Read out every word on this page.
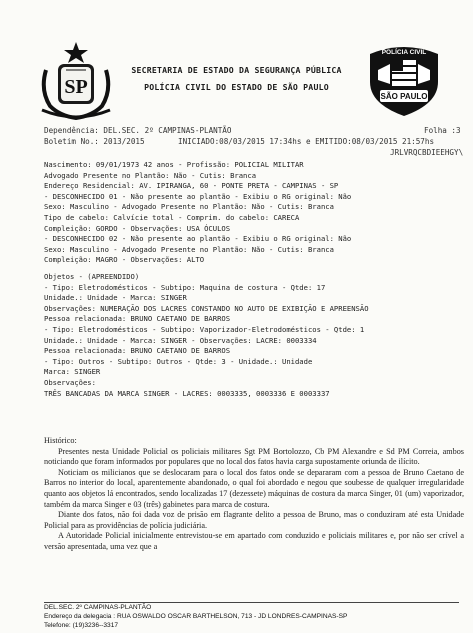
SP
SECRETARIA DE ESTADO DA SEGURANÇA PÚBLICA
POLÍCIA CIVIL DO ESTADO DE SÃO PAULO
POLÍCIA CIVIL
SÃO PAULO
Dependência: DEL.SEC. 2º CAMPINAS-PLANTÃO	Folha :3
Boletim No.: 2013/2015	INICIADO:08/03/2015 17:34hs e EMITIDO:08/03/2015 21:57hs
JRLVRQCBDIEEHGY\
Nascimento: 09/01/1973 42 anos - Profissão: POLICIAL MILITAR
Advogado Presente no Plantão: Não - Cutis: Branca
Endereço Residencial: AV. IPIRANGA, 60 - PONTE PRETA - CAMPINAS - SP
- DESCONHECIDO 01 - Não presente ao plantão - Exibiu o RG original: Não
Sexo: Masculino - Advogado Presente no Plantão: Não - Cutis: Branca
Tipo de cabelo: Calvície total - Comprim. do cabelo: CARECA
Compleição: GORDO - Observações: USA ÓCULOS
- DESCONHECIDO 02 - Não presente ao plantão - Exibiu o RG original: Não
Sexo: Masculino - Advogado Presente no Plantão: Não - Cutis: Branca
Compleição: MAGRO - Observações: ALTO
Objetos - (APREENDIDO)
- Tipo: Eletrodomésticos - Subtipo: Maquina de costura - Qtde: 17
Unidade.: Unidade - Marca: SINGER
Observações: NUMERAÇÃO DOS LACRES CONSTANDO NO AUTO DE EXIBIÇÃO E APREENSÃO
Pessoa relacionada: BRUNO CAETANO DE BARROS
- Tipo: Eletrodomésticos - Subtipo: Vaporizador-Eletrodomésticos - Qtde: 1
Unidade.: Unidade - Marca: SINGER - Observações: LACRE: 0003334
Pessoa relacionada: BRUNO CAETANO DE BARROS
- Tipo: Outros - Subtipo: Outros - Qtde: 3 - Unidade.: Unidade
Marca: SINGER
Observações:
TRÊS BANCADAS DA MARCA SINGER - LACRES: 0003335, 0003336 E 0003337

Histórico:

Presentes nesta Unidade Policial os policiais militares Sgt PM Bortolozzo, Cb PM Alexandre e Sd PM Correia, ambos noticiando que foram informados por populares que no local dos fatos havia carga supostamente oriunda de ilícito.

Noticiam os milicianos que se deslocaram para o local dos fatos onde se depararam com a pessoa de Bruno Caetano de Barros no interior do local, aparentemente abandonado, o qual foi abordado e negou que soubesse de qualquer irregularidade quanto aos objetos lá encontrados, sendo localizadas 17 (dezessete) máquinas de costura da marca Singer, 01 (um) vaporizador, também da marca Singer e 03 (três) gabinetes para marca de costura.

Diante dos fatos, não foi dada voz de prisão em flagrante delito a pessoa de Bruno, mas o conduziram até esta Unidade Policial para as providências de polícia judiciária.

A Autoridade Policial inicialmente entrevistou-se em apartado com conduzido e policiais militares e, por não ser crível a versão apresentada, uma vez que a

DEL.SEC. 2º CAMPINAS-PLANTÃO
Endereço da delegacia : RUA OSWALDO OSCAR BARTHELSON, 713 - JD LONDRES-CAMPINAS-SP
Telefone: (19)3236--3317
